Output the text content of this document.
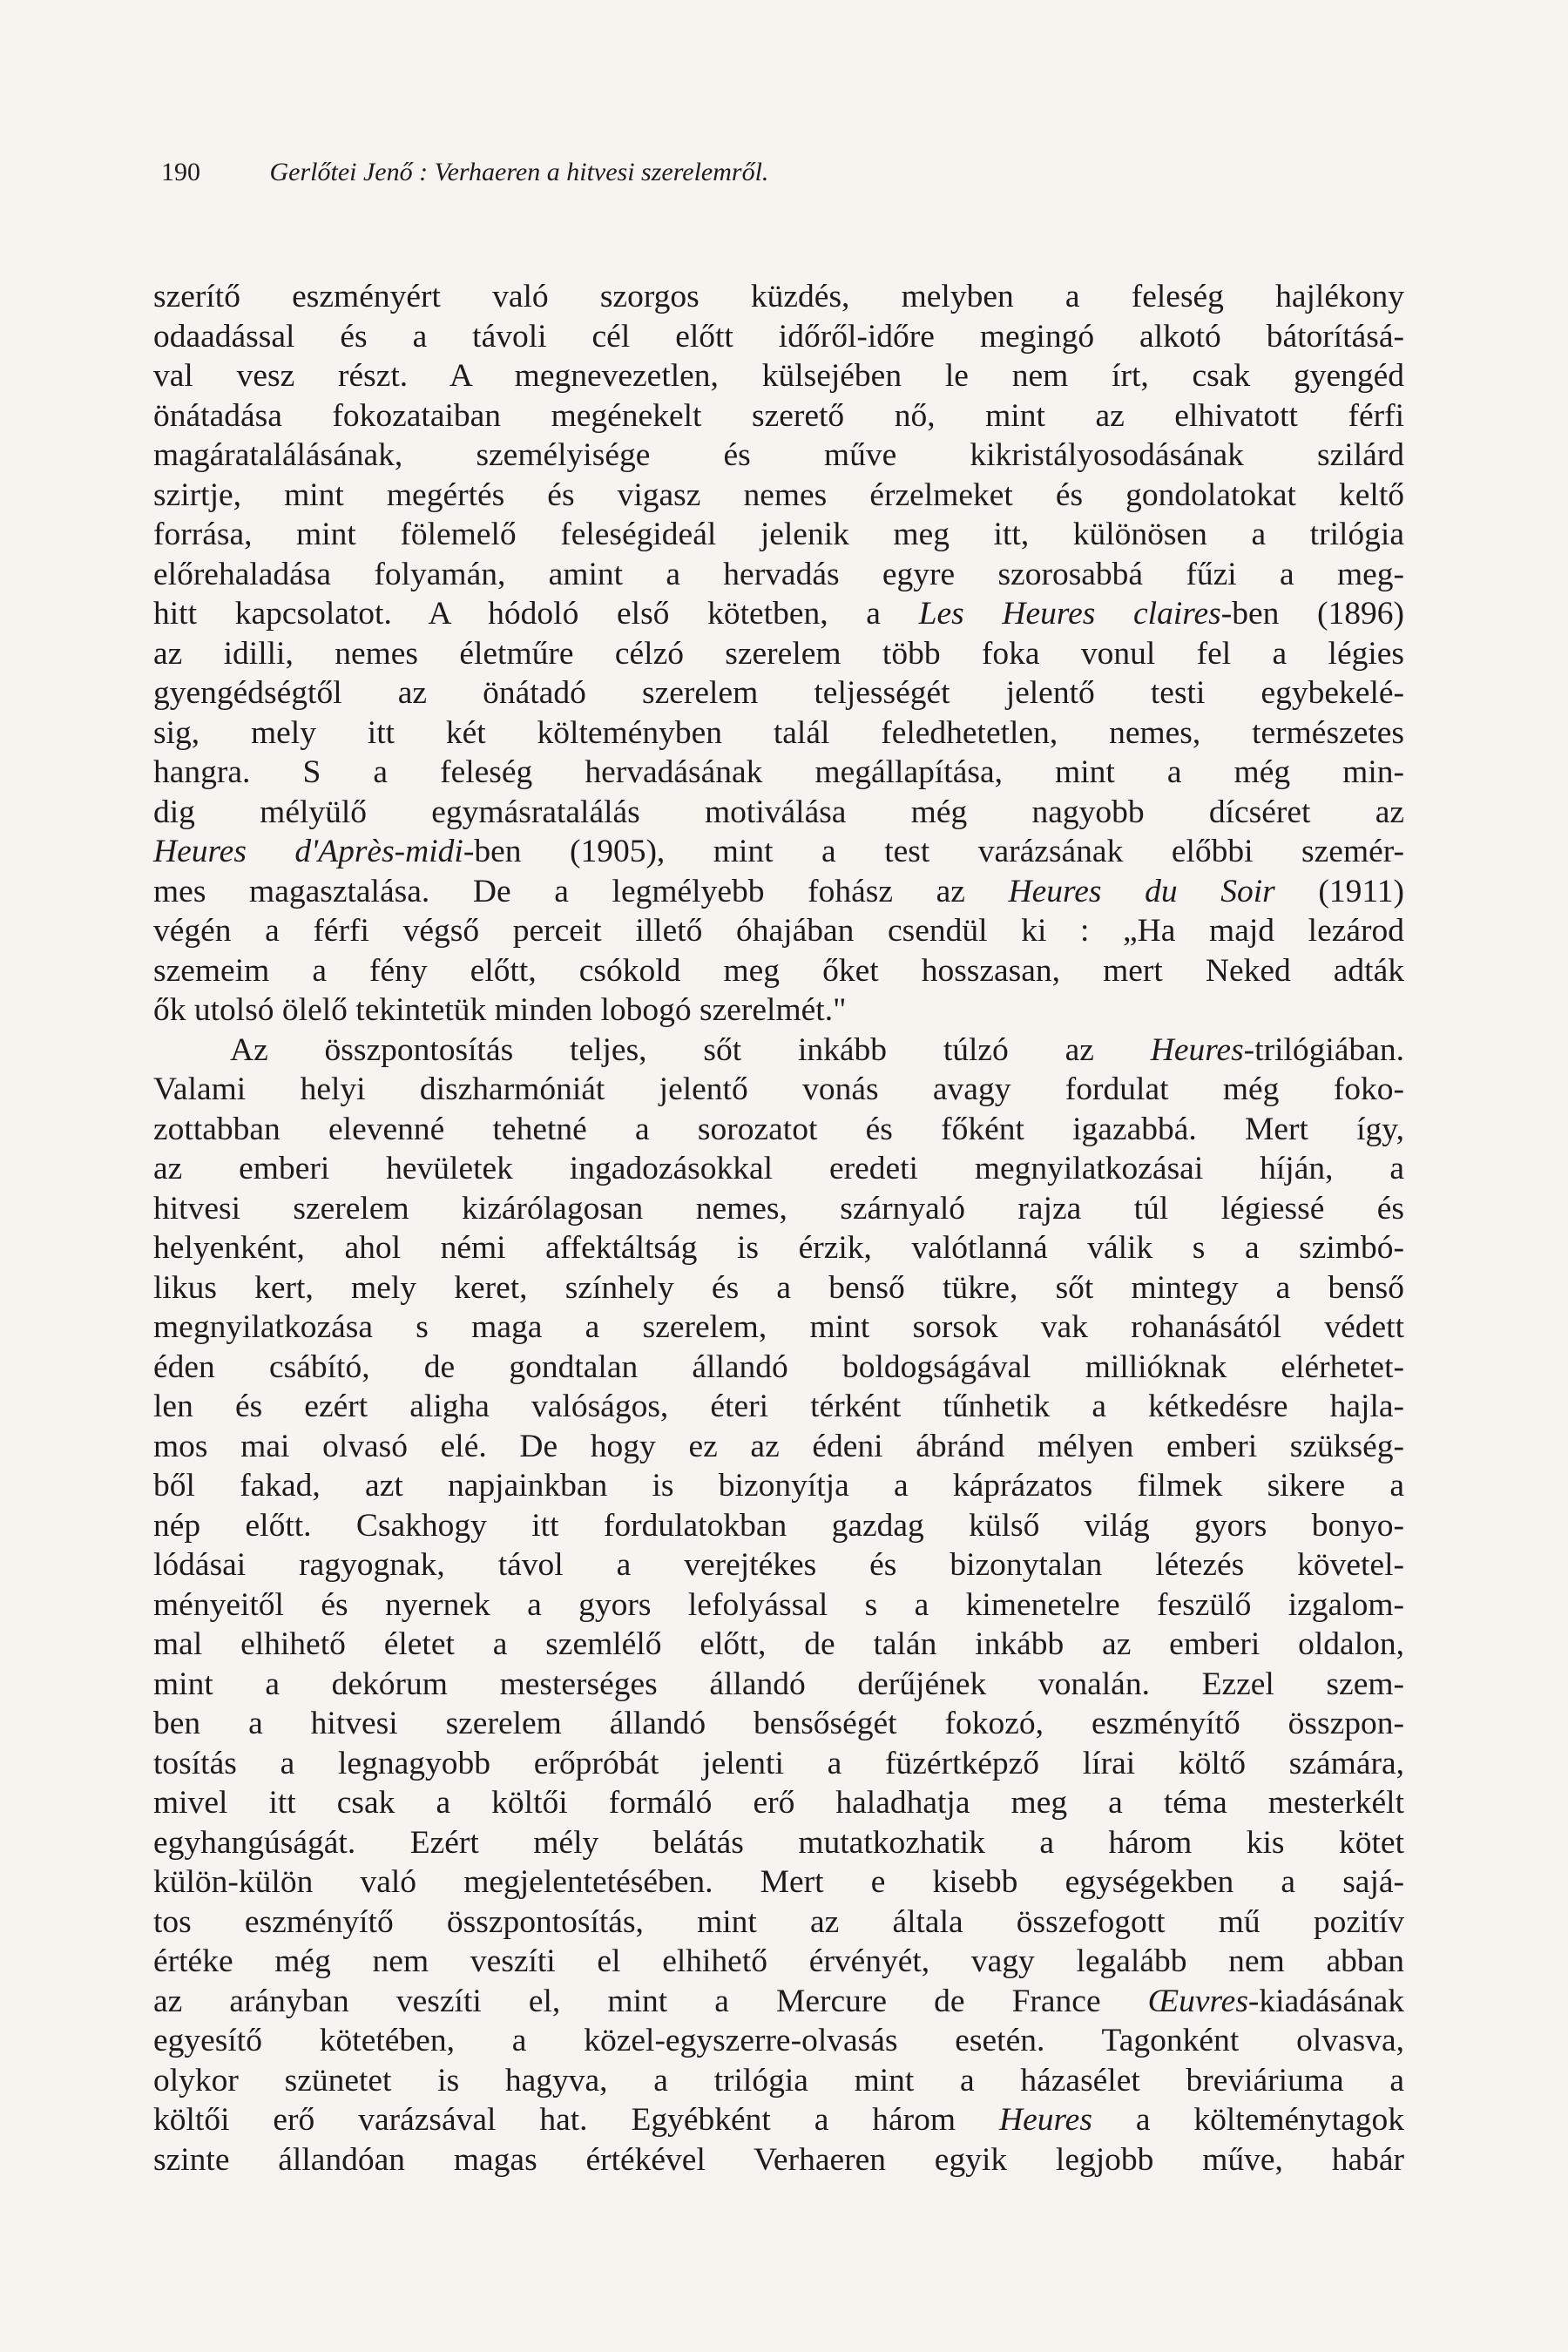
190	Gerlőtei Jenő : Verhaeren a hitvesi szerelemről.
szerítő eszményért való szorgos küzdés, melyben a feleség hajlékony
odaadással és a távoli cél előtt időről-időre megingó alkotó bátorításá-
val vesz részt. A megnevezetlen, külsejében le nem írt, csak gyengéd
önátadása fokozataiban megénekelt szerető nő, mint az elhivatott férfi
magáratalálásának, személyisége és műve kikristályosodásának szilárd
szirtje, mint megértés és vigasz nemes érzelmeket és gondolatokat keltő
forrása, mint fölemelő feleségideál jelenik meg itt, különösen a trilógia
előrehaladása folyamán, amint a hervadás egyre szorosabbá fűzi a meg-
hitt kapcsolatot. A hódoló első kötetben, a Les Heures claires-ben (1896)
az idilli, nemes életműre célzó szerelem több foka vonul fel a légies
gyengédségtől az önátadó szerelem teljességét jelentő testi egybekelé-
sig, mely itt két költeményben talál feledhetetlen, nemes, természetes
hangra. S a feleség hervadásának megállapítása, mint a még min-
dig mélyülő egymásratalálás motiválása még nagyobb dícséret az
Heures d'Après-midi-ben (1905), mint a test varázsának előbbi szemér-
mes magasztalása. De a legmélyebb fohász az Heures du Soir (1911)
végén a férfi végső perceit illető óhajában csendül ki : „Ha majd lezárod
szemeim a fény előtt, csókold meg őket hosszasan, mert Neked adták
ők utolsó ölelő tekintetük minden lobogó szerelmét."
Az összpontosítás teljes, sőt inkább túlzó az Heures-trilógiában.
Valami helyi diszharmóniát jelentő vonás avagy fordulat még foko-
zottabban elevenné tehetné a sorozatot és főként igazabbá. Mert így,
az emberi hevületek ingadozásokkal eredeti megnyilatkozásai híján, a
hitvesi szerelem kizárólagosan nemes, szárnyaló rajza túl légiessé és
helyenként, ahol némi affektáltság is érzik, valótlanná válik s a szimbó-
likus kert, mely keret, színhely és a benső tükre, sőt mintegy a benső
megnyilatkozása s maga a szerelem, mint sorsok vak rohanásától védett
éden csábító, de gondtalan állandó boldogságával millióknak elérhetet-
len és ezért aligha valóságos, éteri térként tűnhetik a kétkedésre hajla-
mos mai olvasó elé. De hogy ez az édeni ábránd mélyen emberi szükség-
ből fakad, azt napjainkban is bizonyítja a káprázatos filmek sikere a
nép előtt. Csakhogy itt fordulatokban gazdag külső világ gyors bonyo-
lódásai ragyognak, távol a verejtékes és bizonytalan létezés követel-
ményeitől és nyernek a gyors lefolyással s a kimenetelre feszülő izgalom-
mal elhihető életet a szemlélő előtt, de talán inkább az emberi oldalon,
mint a dekórum mesterséges állandó derűjének vonalán. Ezzel szem-
ben a hitvesi szerelem állandó bensőségét fokozó, eszményítő összpon-
tosítás a legnagyobb erőpróbát jelenti a füzértképző lírai költő számára,
mivel itt csak a költői formáló erő haladhatja meg a téma mesterkélt
egyhangúságát. Ezért mély belátás mutatkozhatik a három kis kötet
külön-külön való megjelentetésében. Mert e kisebb egységekben a sajá-
tos eszményítő összpontosítás, mint az általa összefogott mű pozitív
értéke még nem veszíti el elhihető érvényét, vagy legalább nem abban
az arányban veszíti el, mint a Mercure de France Œuvres-kiadásának
egyesítő kötetében, a közel-egyszerre-olvasás esetén. Tagonként olvasva,
olykor szünetet is hagyva, a trilógia mint a házasélet breviáriuma a
költői erő varázsával hat. Egyébként a három Heures a költeménytagok
szinte állandóan magas értékével Verhaeren egyik legjobb műve, habár
